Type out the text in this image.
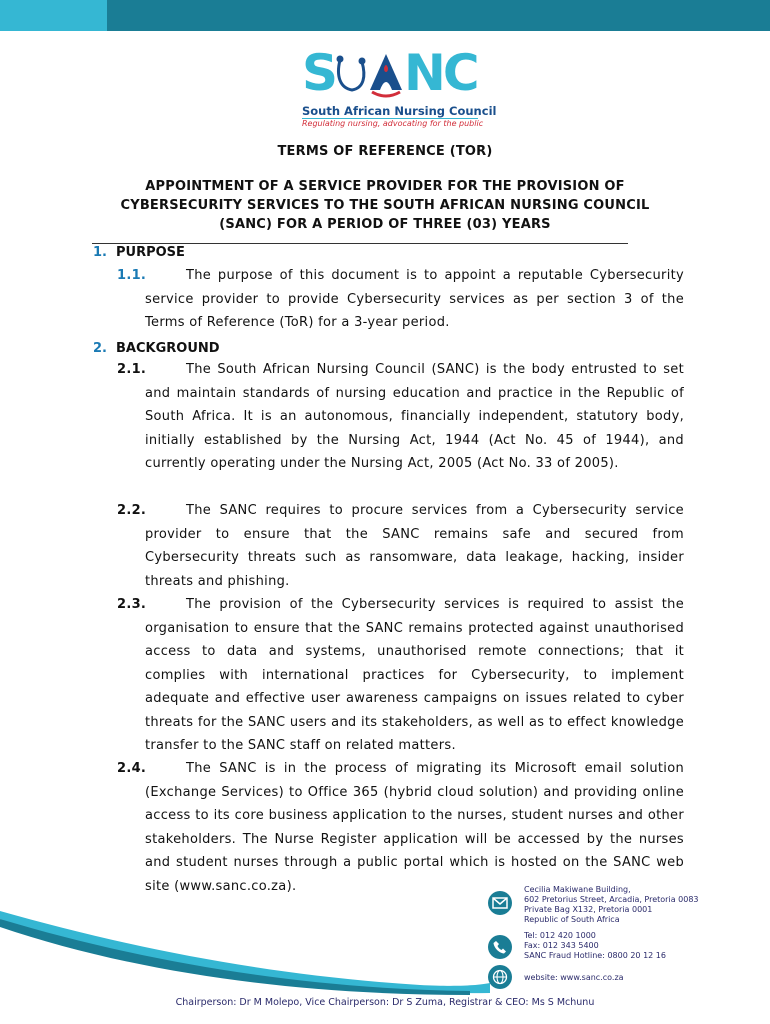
S NC
South African Nursing Council
Regulating nursing, advocating for the public
TERMS OF REFERENCE (TOR)
APPOINTMENT OF A SERVICE PROVIDER FOR THE PROVISION OF
CYBERSECURITY SERVICES TO THE SOUTH AFRICAN NURSING COUNCIL
(SANC) FOR A PERIOD OF THREE (03) YEARS
1. PURPOSE
1.1.	The purpose of this document is to appoint a reputable Cybersecurity service provider to provide Cybersecurity services as per section 3 of the Terms of Reference (ToR) for a 3-year period.
2. BACKGROUND
2.1.	The South African Nursing Council (SANC) is the body entrusted to set and maintain standards of nursing education and practice in the Republic of South Africa. It is an autonomous, financially independent, statutory body, initially established by the Nursing Act, 1944 (Act No. 45 of 1944), and currently operating under the Nursing Act, 2005 (Act No. 33 of 2005).
2.2.	The SANC requires to procure services from a Cybersecurity service provider to ensure that the SANC remains safe and secured from Cybersecurity threats such as ransomware, data leakage, hacking, insider threats and phishing.
2.3.	The provision of the Cybersecurity services is required to assist the organisation to ensure that the SANC remains protected against unauthorised access to data and systems, unauthorised remote connections; that it complies with international practices for Cybersecurity, to implement adequate and effective user awareness campaigns on issues related to cyber threats for the SANC users and its stakeholders, as well as to effect knowledge transfer to the SANC staff on related matters.
2.4.	The SANC is in the process of migrating its Microsoft email solution (Exchange Services) to Office 365 (hybrid cloud solution) and providing online access to its core business application to the nurses, student nurses and other stakeholders. The Nurse Register application will be accessed by the nurses and student nurses through a public portal which is hosted on the SANC web site (www.sanc.co.za).	Cecilia Makiwane Building,
602 Pretorius Street, Arcadia, Pretoria 0083
Private Bag X132, Pretoria 0001
Republic of South Africa
Tel: 012 420 1000
Fax: 012 343 5400
SANC Fraud Hotline: 0800 20 12 16
website: www.sanc.co.za
Chairperson: Dr M Molepo, Vice Chairperson: Dr S Zuma, Registrar & CEO: Ms S Mchunu
